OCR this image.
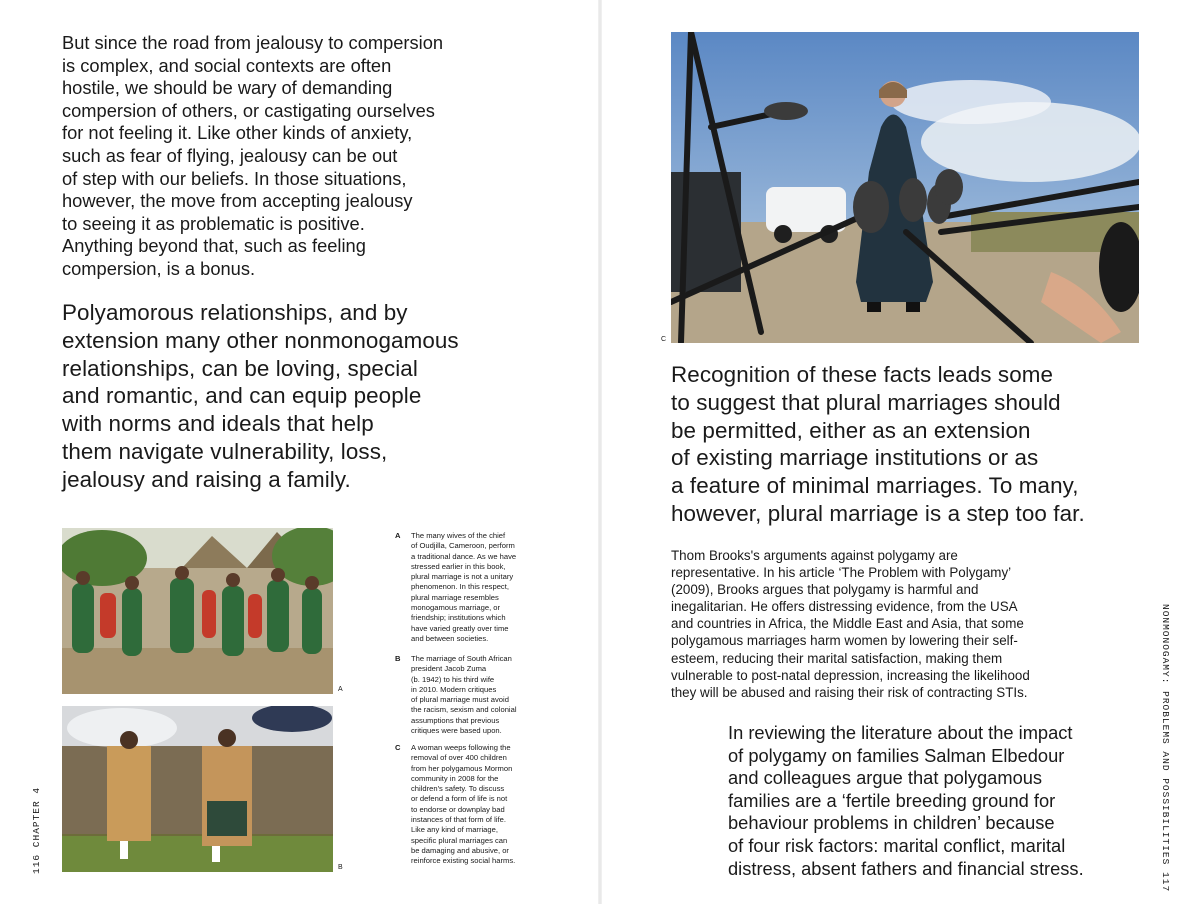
But since the road from jealousy to compersion
is complex, and social contexts are often
hostile, we should be wary of demanding
compersion of others, or castigating ourselves
for not feeling it. Like other kinds of anxiety,
such as fear of flying, jealousy can be out
of step with our beliefs. In those situations,
however, the move from accepting jealousy
to seeing it as problematic is positive.
Anything beyond that, such as feeling
compersion, is a bonus.

Polyamorous relationships, and by
extension many other nonmonogamous
relationships, can be loving, special
and romantic, and can equip people
with norms and ideals that help
them navigate vulnerability, loss,
jealousy and raising a family.

A
B
A The many wives of the chief
of Oudjilla, Cameroon, perform
a traditional dance. As we have
stressed earlier in this book,
plural marriage is not a unitary
phenomenon. In this respect,
plural marriage resembles
monogamous marriage, or
friendship; institutions which
have varied greatly over time
and between societies.
B The marriage of South African
president Jacob Zuma
(b. 1942) to his third wife
in 2010. Modern critiques
of plural marriage must avoid
the racism, sexism and colonial
assumptions that previous
critiques were based upon.
C A woman weeps following the
removal of over 400 children
from her polygamous Mormon
community in 2008 for the
children's safety. To discuss
or defend a form of life is not
to endorse or downplay bad
instances of that form of life.
Like any kind of marriage,
specific plural marriages can
be damaging and abusive, or
reinforce existing social harms.
116 CHAPTER 4
C

Recognition of these facts leads some
to suggest that plural marriages should
be permitted, either as an extension
of existing marriage institutions or as
a feature of minimal marriages. To many,
however, plural marriage is a step too far.

Thom Brooks's arguments against polygamy are
representative. In his article ‘The Problem with Polygamy’
(2009), Brooks argues that polygamy is harmful and
inegalitarian. He offers distressing evidence, from the USA
and countries in Africa, the Middle East and Asia, that some
polygamous marriages harm women by lowering their self-
esteem, reducing their marital satisfaction, making them
vulnerable to post-natal depression, increasing the likelihood
they will be abused and raising their risk of contracting STIs.

In reviewing the literature about the impact
of polygamy on families Salman Elbedour
and colleagues argue that polygamous
families are a ‘fertile breeding ground for
behaviour problems in children’ because
of four risk factors: marital conflict, marital
distress, absent fathers and financial stress.	NONMONOGAMY: PROBLEMS AND POSSIBILITIES 117
